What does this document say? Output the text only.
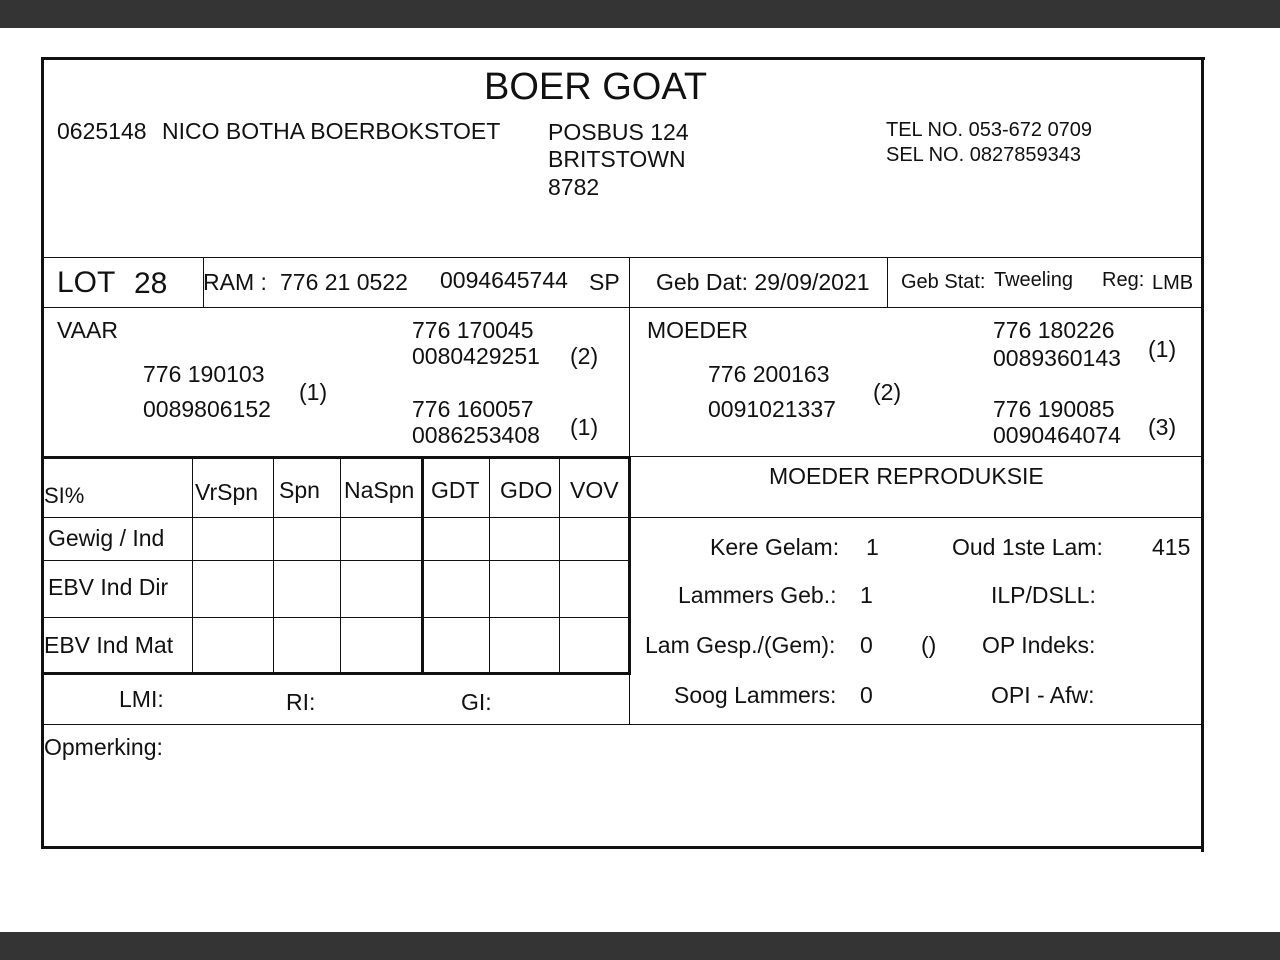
BOER GOAT
0625148 NICO BOTHA BOERBOKSTOET POSBUS 124
BRITSTOWN
8782
TEL NO. 053-672 0709
SEL NO. 0827859343
LOT 28 RAM : 776 21 0522 0094645744 SP Geb Dat: 29/09/2021 Geb Stat: Tweeling Reg: LMB
VAAR
776 190103
0089806152
(1)
776 170045
0080429251 (2)
776 160057
0086253408 (1)
MOEDER
776 200163
0091021337
(2)
776 180226
0089360143 (1)
776 190085
0090464074 (3)
SI%	VrSpn Spn NaSpn GDT GDO VOV
Gewig / Ind
EBV Ind Dir
EBV Ind Mat
LMI:	RI:	GI:
MOEDER REPRODUKSIE
Kere Gelam: 1	Oud 1ste Lam: 415
Lammers Geb.: 1	ILP/DSLL:
Lam Gesp./(Gem): 0 () OP Indeks:
Soog Lammers: 0	OPI - Afw:
Opmerking:
